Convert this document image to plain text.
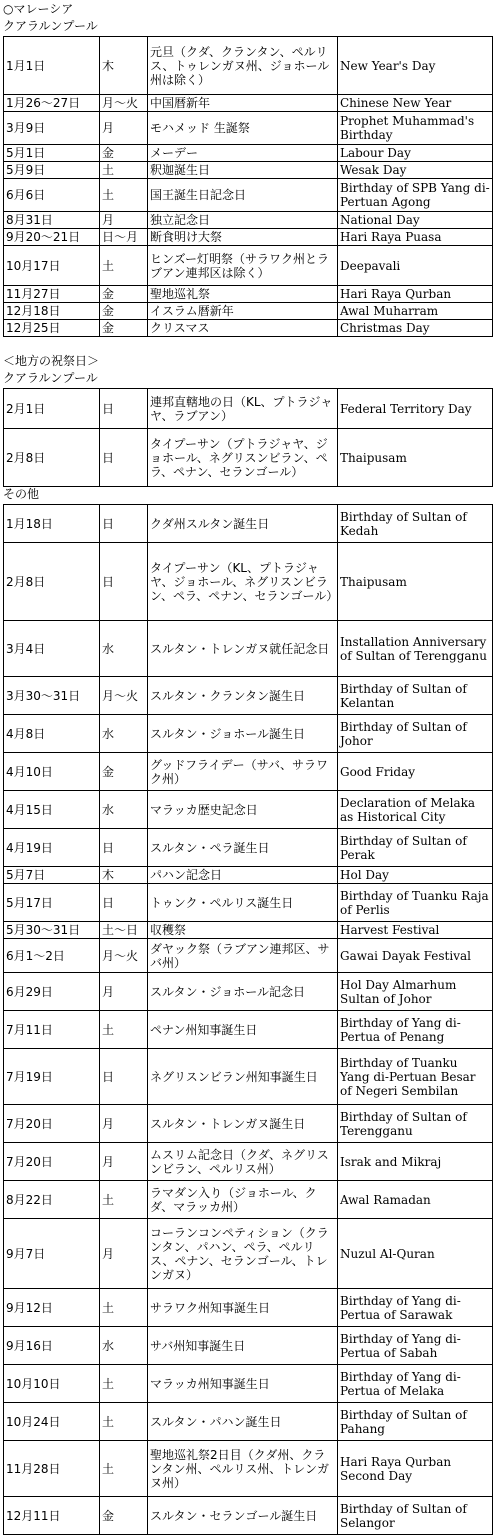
○マレーシア
クアラルンプール
1月1日	木	元旦（クダ、クランタン、ペルリス、トゥレンガヌ州、ジョホール州は除く）	New Year's Day
1月26～27日	月～火	中国暦新年	Chinese New Year
3月9日	月	モハメッド 生誕祭	Prophet Muhammad's Birthday
5月1日	金	メーデー	Labour Day
5月9日	土	釈迦誕生日	Wesak Day
6月6日	土	国王誕生日記念日	Birthday of SPB Yang di-Pertuan Agong
8月31日	月	独立記念日	National Day
9月20～21日	日～月	断食明け大祭	Hari Raya Puasa
10月17日	土	ヒンズー灯明祭（サラワク州とラブアン連邦区は除く）	Deepavali
11月27日	金	聖地巡礼祭	Hari Raya Qurban
12月18日	金	イスラム暦新年	Awal Muharram
12月25日	金	クリスマス	Christmas Day
＜地方の祝祭日＞
クアラルンプール
2月1日	日	連邦直轄地の日（KL、プトラジャヤ、ラブアン）	Federal Territory Day
2月8日	日	タイプーサン（プトラジャヤ、ジョホール、ネグリスンビラン、ペラ、ペナン、セランゴール）	Thaipusam
その他
1月18日	日	クダ州スルタン誕生日	Birthday of Sultan of Kedah
2月8日	日	タイプーサン（KL、プトラジャヤ、ジョホール、ネグリスンビラン、ペラ、ペナン、セランゴール）	Thaipusam
3月4日	水	スルタン・トレンガヌ就任記念日	Installation Anniversary of Sultan of Terengganu
3月30～31日	月～火	スルタン・クランタン誕生日	Birthday of Sultan of Kelantan
4月8日	水	スルタン・ジョホール誕生日	Birthday of Sultan of Johor
4月10日	金	グッドフライデー（サバ、サラワク州）	Good Friday
4月15日	水	マラッカ歴史記念日	Declaration of Melaka as Historical City
4月19日	日	スルタン・ペラ誕生日	Birthday of Sultan of Perak
5月7日	木	パハン記念日	Hol Day
5月17日	日	トゥンク・ペルリス誕生日	Birthday of Tuanku Raja of Perlis
5月30～31日	土～日	収穫祭	Harvest Festival
6月1～2日	月～火	ダヤック祭（ラブアン連邦区、サバ州）	Gawai Dayak Festival
6月29日	月	スルタン・ジョホール記念日	Hol Day Almarhum Sultan of Johor
7月11日	土	ペナン州知事誕生日	Birthday of Yang di-Pertua of Penang
7月19日	日	ネグリスンビラン州知事誕生日	Birthday of Tuanku Yang di-Pertuan Besar of Negeri Sembilan
7月20日	月	スルタン・トレンガヌ誕生日	Birthday of Sultan of Terengganu
7月20日	月	ムスリム記念日（クダ、ネグリスンビラン、ペルリス州）	Israk and Mikraj
8月22日	土	ラマダン入り（ジョホール、クダ、マラッカ州）	Awal Ramadan
9月7日	月	コーランコンペティション（クランタン、パハン、ペラ、ペルリス、ペナン、セランゴール、トレンガヌ）	Nuzul Al-Quran
9月12日	土	サラワク州知事誕生日	Birthday of Yang di-Pertua of Sarawak
9月16日	水	サバ州知事誕生日	Birthday of Yang di-Pertua of Sabah
10月10日	土	マラッカ州知事誕生日	Birthday of Yang di-Pertua of Melaka
10月24日	土	スルタン・パハン誕生日	Birthday of Sultan of Pahang
11月28日	土	聖地巡礼祭2日目（クダ州、クランタン州、ペルリス州、トレンガヌ州）	Hari Raya Qurban Second Day
12月11日	金	スルタン・セランゴール誕生日	Birthday of Sultan of Selangor
